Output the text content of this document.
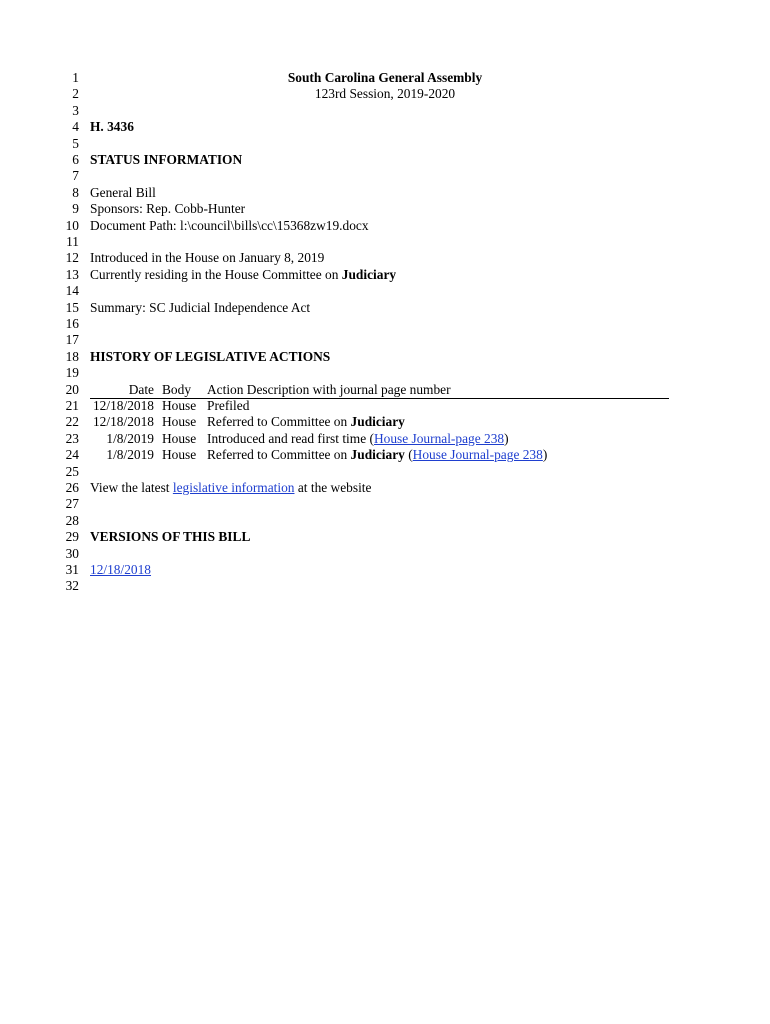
1
2
3
4
5
6
7
8
9
10
11
12
13
14
15
16
17
18
19
20
21
22
23
24
25
26
27
28
29
30
31
32
South Carolina General Assembly
123rd Session, 2019-2020
H. 3436
STATUS INFORMATION
General Bill
Sponsors: Rep. Cobb-Hunter
Document Path: l:\council\bills\cc\15368zw19.docx
Introduced in the House on January 8, 2019
Currently residing in the House Committee on Judiciary
Summary: SC Judicial Independence Act
HISTORY OF LEGISLATIVE ACTIONS
Date Body Action Description with journal page number
12/18/2018 House Prefiled
12/18/2018 House Referred to Committee on Judiciary
1/8/2019 House Introduced and read first time (House Journal-page 238)
1/8/2019 House Referred to Committee on Judiciary (House Journal-page 238)
View the latest legislative information at the website
VERSIONS OF THIS BILL
12/18/2018
